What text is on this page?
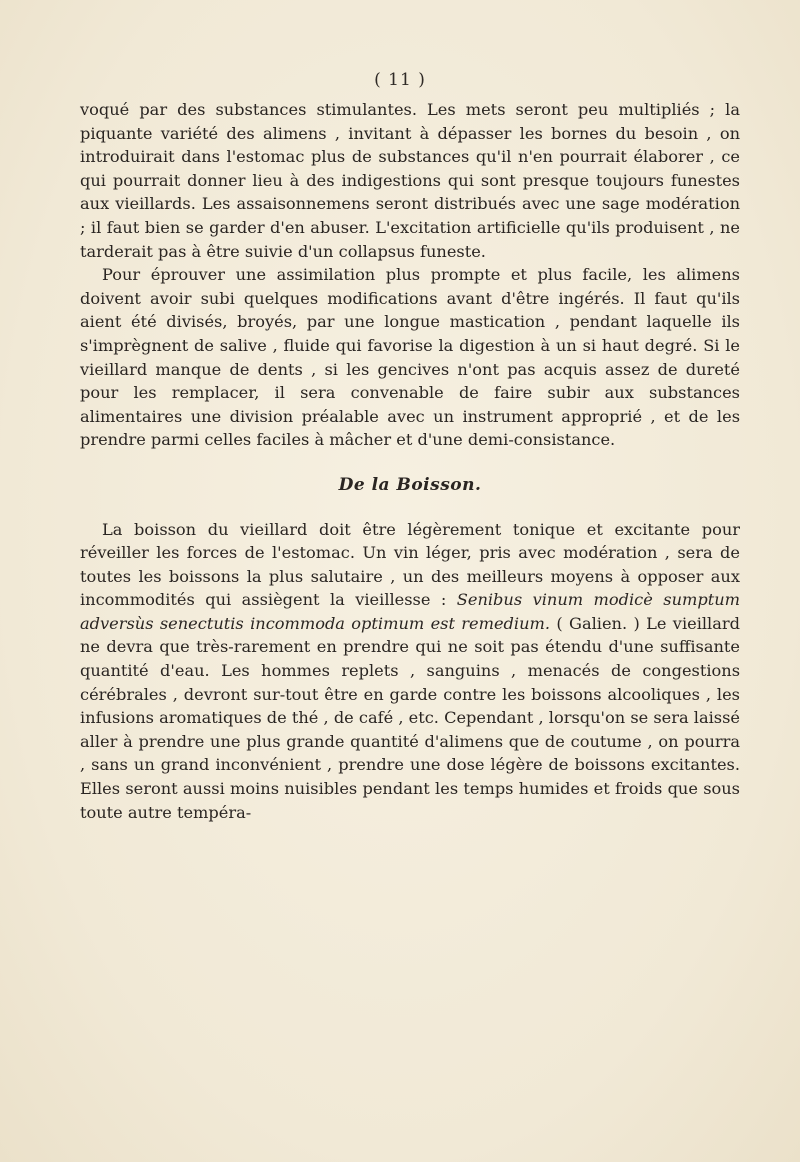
( 11 )

voqué par des substances stimulantes. Les mets seront peu multipliés ; la piquante variété des alimens , invitant à dépasser les bornes du besoin , on introduirait dans l'estomac plus de substances qu'il n'en pourrait élaborer , ce qui pourrait donner lieu à des indigestions qui sont presque toujours funestes aux vieillards. Les assaisonnemens seront distribués avec une sage modération ; il faut bien se garder d'en abuser. L'excitation artificielle qu'ils produisent , ne tarderait pas à être suivie d'un collapsus funeste.

Pour éprouver une assimilation plus prompte et plus facile, les alimens doivent avoir subi quelques modifications avant d'être ingérés. Il faut qu'ils aient été divisés, broyés, par une longue mastication , pendant laquelle ils s'imprègnent de salive , fluide qui favorise la digestion à un si haut degré. Si le vieillard manque de dents , si les gencives n'ont pas acquis assez de dureté pour les remplacer, il sera convenable de faire subir aux substances alimentaires une division préalable avec un instrument approprié , et de les prendre parmi celles faciles à mâcher et d'une demi-consistance.

De la Boisson.

La boisson du vieillard doit être légèrement tonique et excitante pour réveiller les forces de l'estomac. Un vin léger, pris avec modération , sera de toutes les boissons la plus salutaire , un des meilleurs moyens à opposer aux incommodités qui assiègent la vieillesse : Senibus vinum modicè sumptum adversùs senectutis incommoda optimum est remedium. ( Galien. ) Le vieillard ne devra que très-rarement en prendre qui ne soit pas étendu d'une suffisante quantité d'eau. Les hommes replets , sanguins , menacés de congestions cérébrales , devront sur-tout être en garde contre les boissons alcooliques , les infusions aromatiques de thé , de café , etc. Cependant , lorsqu'on se sera laissé aller à prendre une plus grande quantité d'alimens que de coutume , on pourra , sans un grand inconvénient , prendre une dose légère de boissons excitantes. Elles seront aussi moins nuisibles pendant les temps humides et froids que sous toute autre tempéra-
